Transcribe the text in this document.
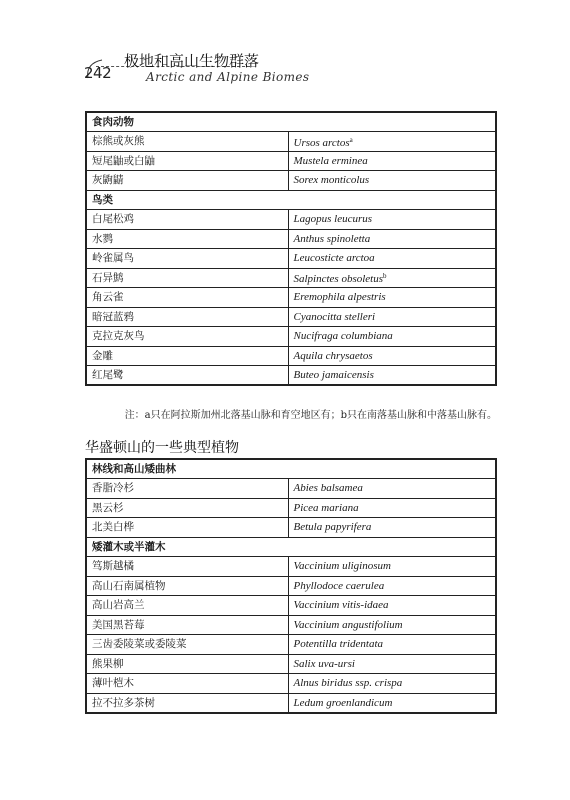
242
极地和高山生物群落
Arctic and Alpine Biomes
食肉动物	
棕熊或灰熊	Ursos arctos$^a$
短尾鼬或白鼬	Mustela erminea
灰鼩鼱	Sorex monticolus
鸟类	
白尾松鸡	Lagopus leucurus
水鹨	Anthus spinoletta
岭雀属鸟	Leucosticte arctoa
石异鹪	Salpinctes obsoletus$^b$
角云雀	Eremophila alpestris
暗冠蓝鸦	Cyanocitta stelleri
克拉克灰鸟	Nucifraga columbiana
金雕	Aquila chrysaetos
红尾鹭	Buteo jamaicensis
注：a只在阿拉斯加州北落基山脉和育空地区有；b只在南落基山脉和中落基山脉有。
华盛顿山的一些典型植物
林线和高山矮曲林	
香脂冷杉	Abies balsamea
黑云杉	Picea mariana
北美白桦	Betula papyrifera
矮灌木或半灌木	
笃斯越橘	Vaccinium uliginosum
高山石南属植物	Phyllodoce caerulea
高山岩高兰	Vaccinium vitis-idaea
美国黑苔莓	Vaccinium angustifolium
三齿委陵菜或委陵菜	Potentilla tridentata
熊果柳	Salix uva-ursi
薄叶桤木	Alnus biridus ssp. crispa
拉不拉多茶树	Ledum groenlandicum
